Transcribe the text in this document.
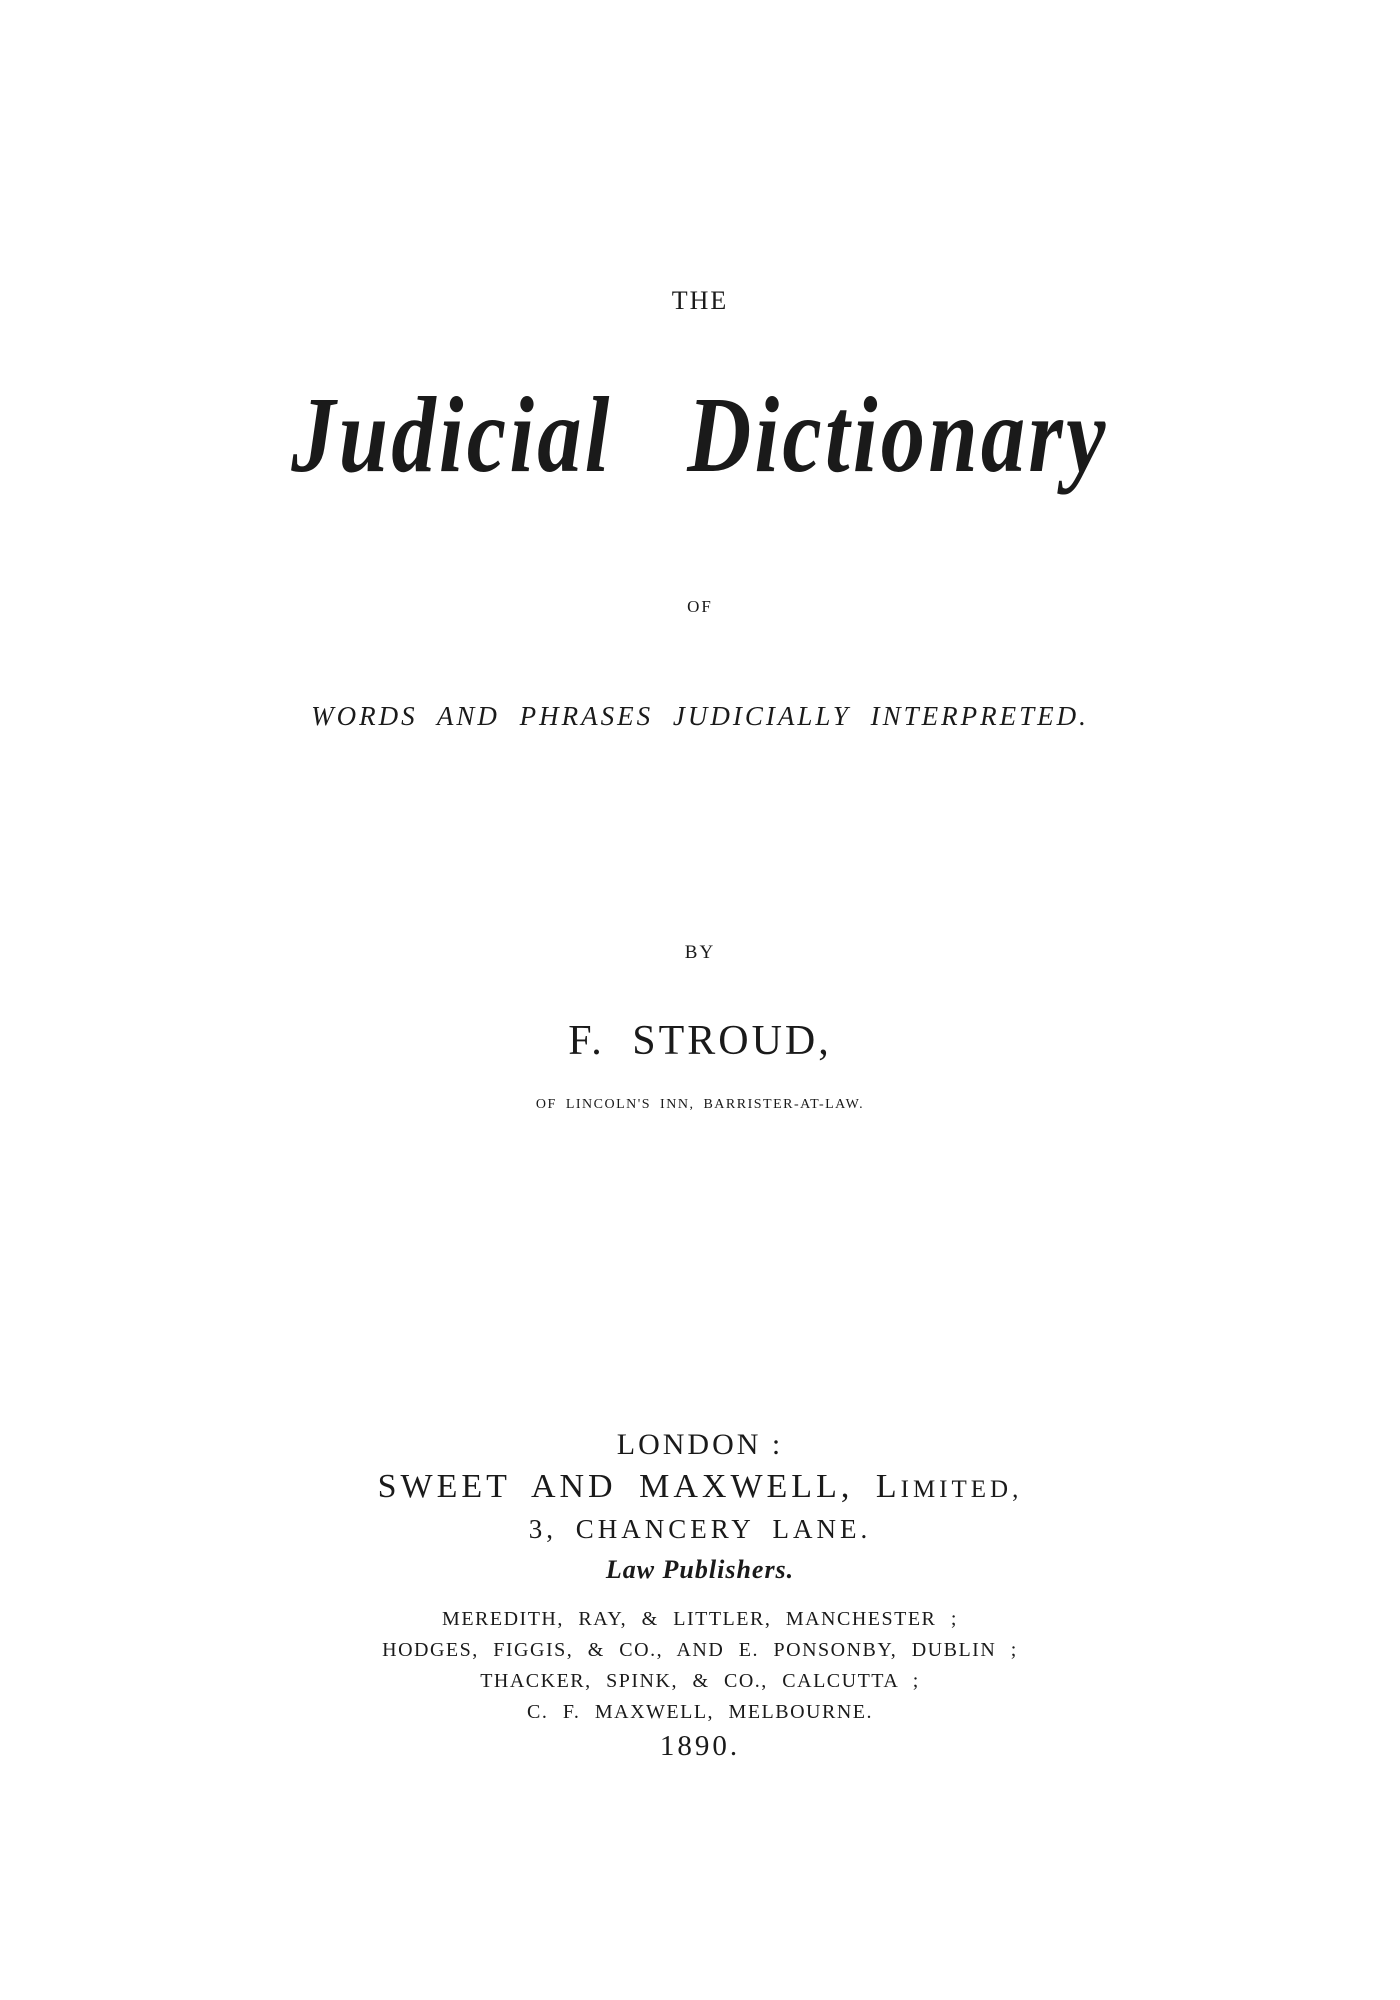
THE
Judicial Dictionary
OF
WORDS AND PHRASES JUDICIALLY INTERPRETED.
BY
F. STROUD,
OF LINCOLN'S INN, BARRISTER-AT-LAW.
LONDON :
SWEET AND MAXWELL, LIMITED,
3, CHANCERY LANE.
Law Publishers.
MEREDITH, RAY, & LITTLER, MANCHESTER ;
HODGES, FIGGIS, & CO., AND E. PONSONBY, DUBLIN ;
THACKER, SPINK, & CO., CALCUTTA ;
C. F. MAXWELL, MELBOURNE.
1890.
